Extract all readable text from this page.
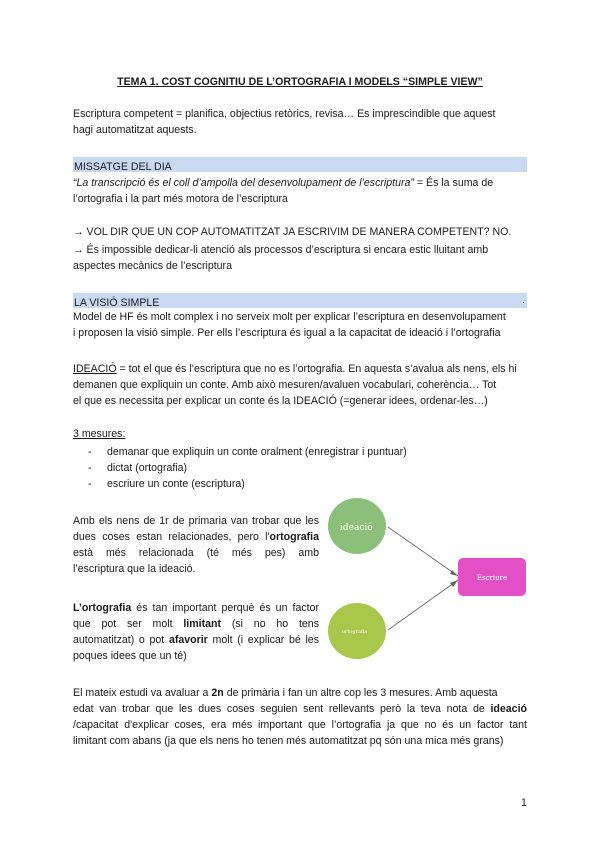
TEMA 1. COST COGNITIU DE L’ORTOGRAFIA I MODELS “SIMPLE VIEW”

Escriptura competent = planifica, objectius retòrics, revisa… Es imprescindible que aquest

hagi automatitzat aquests.

MISSATGE DEL DIA

“La transcripció és el coll d’ampolla del desenvolupament de l’escriptura” = És la suma de

l’ortografia i la part més motora de l’escriptura

→ VOL DIR QUE UN COP AUTOMATITZAT JA ESCRIVIM DE MANERA COMPETENT? NO.

→ És impossible dedicar-li atenció als processos d’escriptura si encara estic lluitant amb

aspectes mecànics de l’escriptura

LA VISIÓ SIMPLE	.

Model de HF és molt complex i no serveix molt per explicar l’escriptura en desenvolupament

i proposen la visió simple. Per ells l’escriptura és igual a la capacitat de ideació i l’ortografia

IDEACIÓ = tot el que és l’escriptura que no es l’ortografia. En aquesta s’avalua als nens, els hi

demanen que expliquin un conte. Amb això mesuren/avaluen vocabulari, coherència… Tot

el que es necessita per explicar un conte és la IDEACIÓ (=generar idees, ordenar-les…)

3 mesures:

- demanar que expliquin un conte oralment (enregistrar i puntuar)
- dictat (ortografia)
- escriure un conte (escriptura)

Amb els nens de 1r de primaria van trobar que les

dues coses estan relacionades, pero l'ortografia

està més relacionada (té més pes) amb

l’escriptura que la ideació.

L’ortografia és tan important perquè és un factor

que pot ser molt limitant (si no ho tens

automatitzat) o pot afavorir molt (i explicar bé les

poques idees que un té)

ideació
ortografia
Escriure

El mateix estudi va avaluar a 2n de primària i fan un altre cop les 3 mesures. Amb aquesta

edat van trobar que les dues coses seguien sent rellevants però la teva nota de ideació

/capacitat d'explicar coses, era més important que l’ortografia ja que no és un factor tant

limitant com abans (ja que els nens ho tenen més automatitzat pq són una mica més grans)

1
